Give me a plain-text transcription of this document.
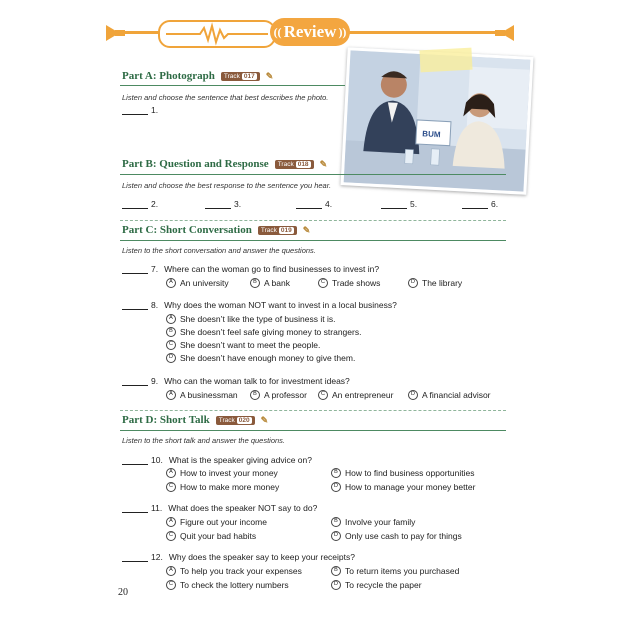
(( Review ))
BUM
Part A: Photograph Track 017 ✎
Listen and choose the sentence that best describes the photo.
1.
Part B: Question and Response Track 018 ✎
Listen and choose the best response to the sentence you hear.
2.	3.	4.	5.	6.
Part C: Short Conversation Track 019 ✎
Listen to the short conversation and answer the questions.
7. Where can the woman go to find businesses to invest in?
A An university	B A bank	C Trade shows	D The library
8. Why does the woman NOT want to invest in a local business?
A She doesn’t like the type of business it is.
B She doesn’t feel safe giving money to strangers.
C She doesn’t want to meet the people.
D She doesn’t have enough money to give them.
9. Who can the woman talk to for investment ideas?
A A businessman	B A professor	C An entrepreneur	D A financial advisor
Part D: Short Talk Track 020 ✎
Listen to the short talk and answer the questions.
10. What is the speaker giving advice on?
A How to invest your money	B How to find business opportunities
C How to make more money	D How to manage your money better
11. What does the speaker NOT say to do?
A Figure out your income	B Involve your family
C Quit your bad habits	D Only use cash to pay for things
12. Why does the speaker say to keep your receipts?
A To help you track your expenses	B To return items you purchased
C To check the lottery numbers	D To recycle the paper
20
